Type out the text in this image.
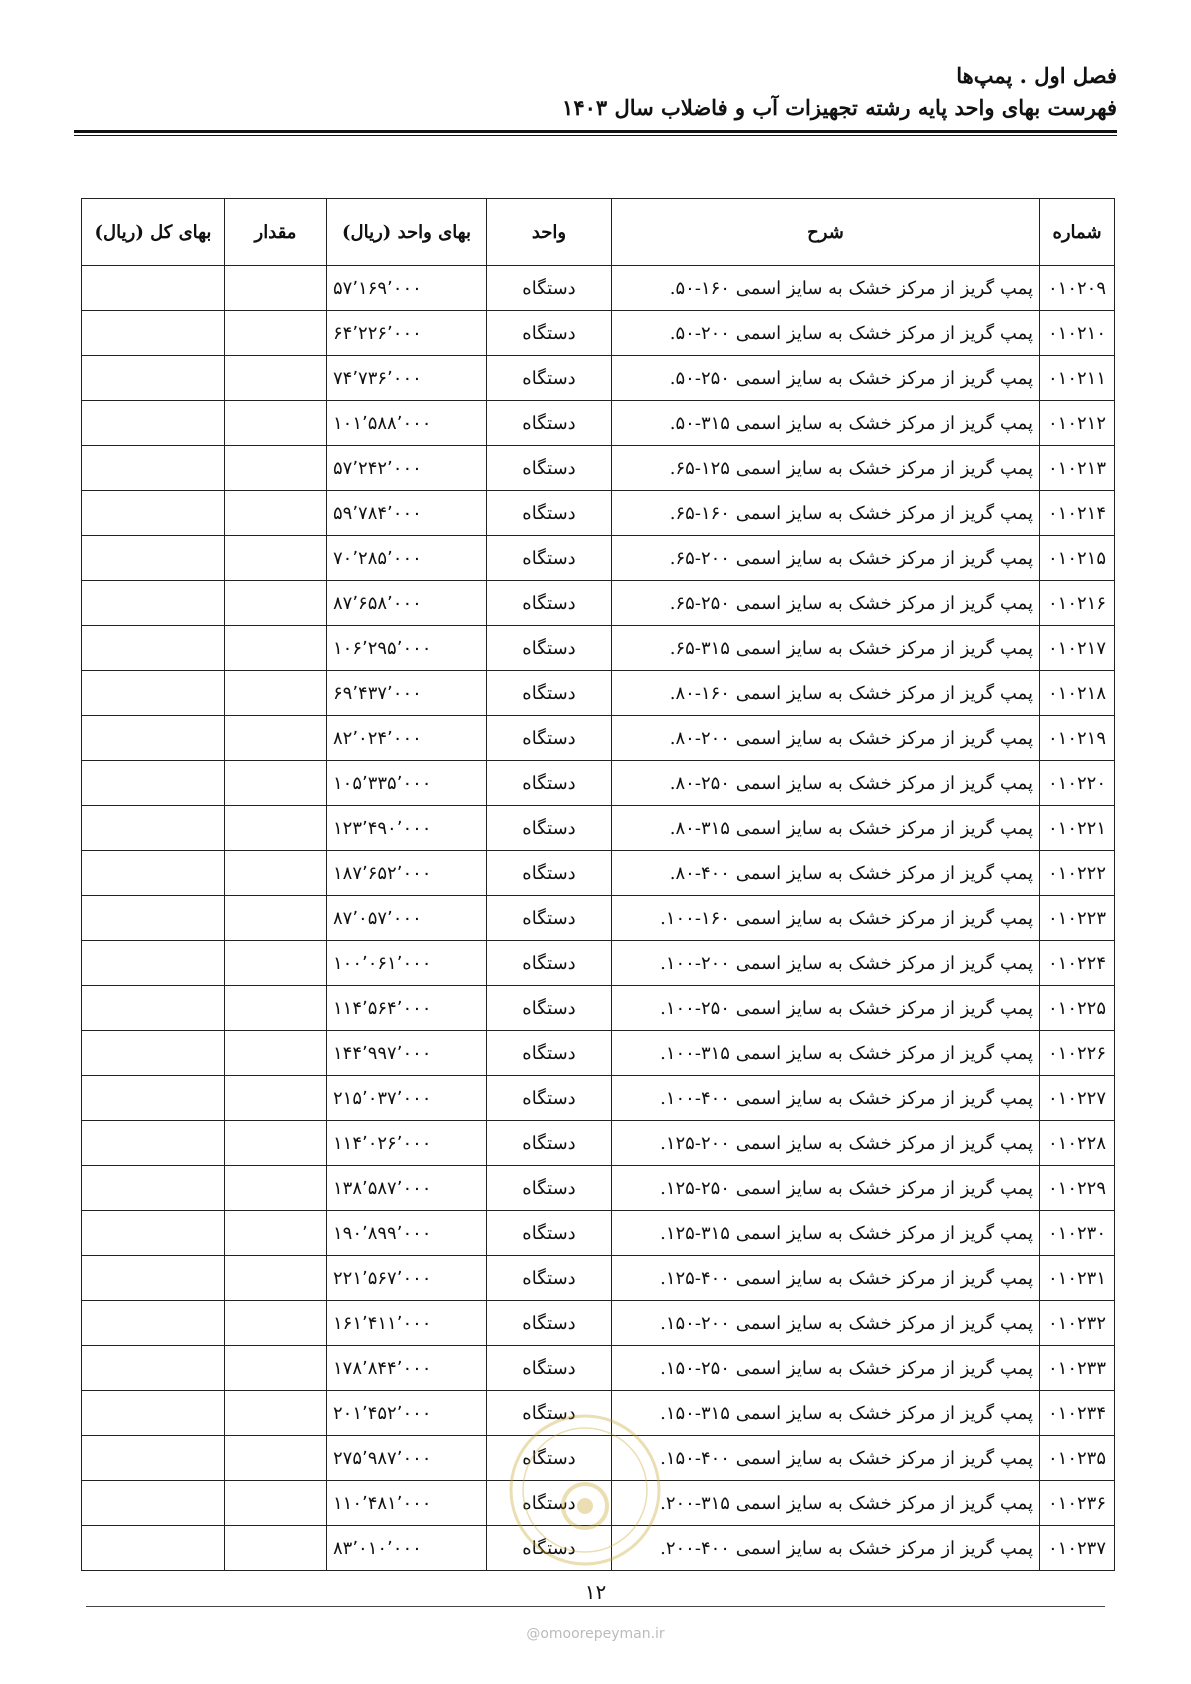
فصل اول . پمپ‌ها
فهرست بهای واحد پایه رشته تجهیزات آب و فاضلاب سال ۱۴۰۳
شماره	شرح	واحد	بهای واحد (ریال)	مقدار	بهای کل (ریال)
۰۱۰۲۰۹	پمپ گریز از مرکز خشک به سایز اسمی ۱۶۰-۵۰.	دستگاه	۵۷٬۱۶۹٬۰۰۰		
۰۱۰۲۱۰	پمپ گریز از مرکز خشک به سایز اسمی ۲۰۰-۵۰.	دستگاه	۶۴٬۲۲۶٬۰۰۰		
۰۱۰۲۱۱	پمپ گریز از مرکز خشک به سایز اسمی ۲۵۰-۵۰.	دستگاه	۷۴٬۷۳۶٬۰۰۰		
۰۱۰۲۱۲	پمپ گریز از مرکز خشک به سایز اسمی ۳۱۵-۵۰.	دستگاه	۱۰۱٬۵۸۸٬۰۰۰		
۰۱۰۲۱۳	پمپ گریز از مرکز خشک به سایز اسمی ۱۲۵-۶۵.	دستگاه	۵۷٬۲۴۲٬۰۰۰		
۰۱۰۲۱۴	پمپ گریز از مرکز خشک به سایز اسمی ۱۶۰-۶۵.	دستگاه	۵۹٬۷۸۴٬۰۰۰		
۰۱۰۲۱۵	پمپ گریز از مرکز خشک به سایز اسمی ۲۰۰-۶۵.	دستگاه	۷۰٬۲۸۵٬۰۰۰		
۰۱۰۲۱۶	پمپ گریز از مرکز خشک به سایز اسمی ۲۵۰-۶۵.	دستگاه	۸۷٬۶۵۸٬۰۰۰		
۰۱۰۲۱۷	پمپ گریز از مرکز خشک به سایز اسمی ۳۱۵-۶۵.	دستگاه	۱۰۶٬۲۹۵٬۰۰۰		
۰۱۰۲۱۸	پمپ گریز از مرکز خشک به سایز اسمی ۱۶۰-۸۰.	دستگاه	۶۹٬۴۳۷٬۰۰۰		
۰۱۰۲۱۹	پمپ گریز از مرکز خشک به سایز اسمی ۲۰۰-۸۰.	دستگاه	۸۲٬۰۲۴٬۰۰۰		
۰۱۰۲۲۰	پمپ گریز از مرکز خشک به سایز اسمی ۲۵۰-۸۰.	دستگاه	۱۰۵٬۳۳۵٬۰۰۰		
۰۱۰۲۲۱	پمپ گریز از مرکز خشک به سایز اسمی ۳۱۵-۸۰.	دستگاه	۱۲۳٬۴۹۰٬۰۰۰		
۰۱۰۲۲۲	پمپ گریز از مرکز خشک به سایز اسمی ۴۰۰-۸۰.	دستگاه	۱۸۷٬۶۵۲٬۰۰۰		
۰۱۰۲۲۳	پمپ گریز از مرکز خشک به سایز اسمی ۱۶۰-۱۰۰.	دستگاه	۸۷٬۰۵۷٬۰۰۰		
۰۱۰۲۲۴	پمپ گریز از مرکز خشک به سایز اسمی ۲۰۰-۱۰۰.	دستگاه	۱۰۰٬۰۶۱٬۰۰۰		
۰۱۰۲۲۵	پمپ گریز از مرکز خشک به سایز اسمی ۲۵۰-۱۰۰.	دستگاه	۱۱۴٬۵۶۴٬۰۰۰		
۰۱۰۲۲۶	پمپ گریز از مرکز خشک به سایز اسمی ۳۱۵-۱۰۰.	دستگاه	۱۴۴٬۹۹۷٬۰۰۰		
۰۱۰۲۲۷	پمپ گریز از مرکز خشک به سایز اسمی ۴۰۰-۱۰۰.	دستگاه	۲۱۵٬۰۳۷٬۰۰۰		
۰۱۰۲۲۸	پمپ گریز از مرکز خشک به سایز اسمی ۲۰۰-۱۲۵.	دستگاه	۱۱۴٬۰۲۶٬۰۰۰		
۰۱۰۲۲۹	پمپ گریز از مرکز خشک به سایز اسمی ۲۵۰-۱۲۵.	دستگاه	۱۳۸٬۵۸۷٬۰۰۰		
۰۱۰۲۳۰	پمپ گریز از مرکز خشک به سایز اسمی ۳۱۵-۱۲۵.	دستگاه	۱۹۰٬۸۹۹٬۰۰۰		
۰۱۰۲۳۱	پمپ گریز از مرکز خشک به سایز اسمی ۴۰۰-۱۲۵.	دستگاه	۲۲۱٬۵۶۷٬۰۰۰		
۰۱۰۲۳۲	پمپ گریز از مرکز خشک به سایز اسمی ۲۰۰-۱۵۰.	دستگاه	۱۶۱٬۴۱۱٬۰۰۰		
۰۱۰۲۳۳	پمپ گریز از مرکز خشک به سایز اسمی ۲۵۰-۱۵۰.	دستگاه	۱۷۸٬۸۴۴٬۰۰۰		
۰۱۰۲۳۴	پمپ گریز از مرکز خشک به سایز اسمی ۳۱۵-۱۵۰.	دستگاه	۲۰۱٬۴۵۲٬۰۰۰		
۰۱۰۲۳۵	پمپ گریز از مرکز خشک به سایز اسمی ۴۰۰-۱۵۰.	دستگاه	۲۷۵٬۹۸۷٬۰۰۰		
۰۱۰۲۳۶	پمپ گریز از مرکز خشک به سایز اسمی ۳۱۵-۲۰۰.	دستگاه	۱۱۰٬۴۸۱٬۰۰۰		
۰۱۰۲۳۷	پمپ گریز از مرکز خشک به سایز اسمی ۴۰۰-۲۰۰.	دستگاه	۸۳٬۰۱۰٬۰۰۰		
۱۲
@omoorepeyman.ir
